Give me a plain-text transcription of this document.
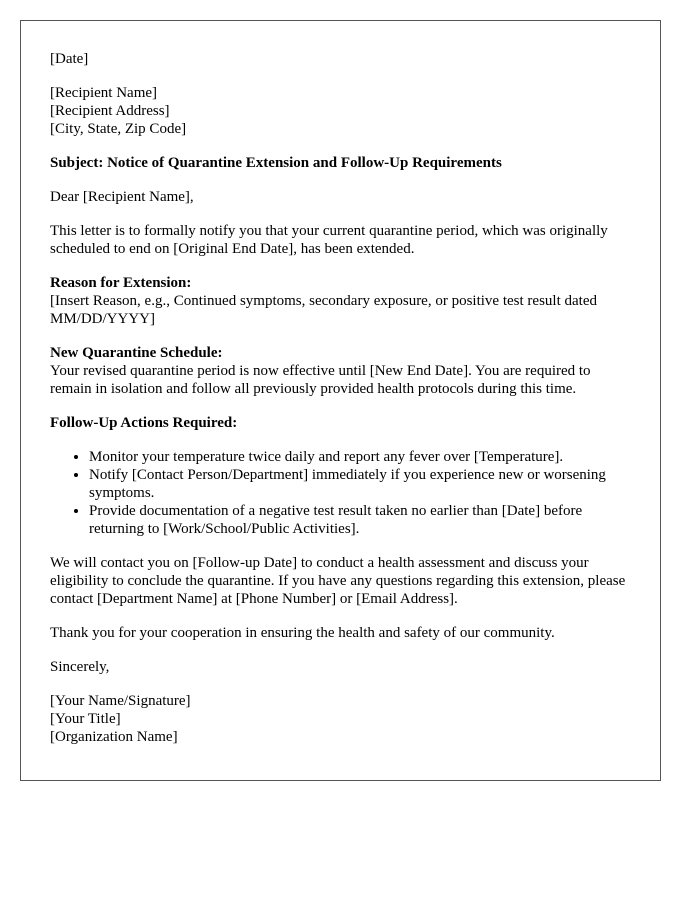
[Date]

[Recipient Name]
[Recipient Address]
[City, State, Zip Code]

Subject: Notice of Quarantine Extension and Follow-Up Requirements

Dear [Recipient Name],

This letter is to formally notify you that your current quarantine period, which was originally scheduled to end on [Original End Date], has been extended.

Reason for Extension:
[Insert Reason, e.g., Continued symptoms, secondary exposure, or positive test result dated MM/DD/YYYY]
New Quarantine Schedule:
Your revised quarantine period is now effective until [New End Date]. You are required to remain in isolation and follow all previously provided health protocols during this time.

Follow-Up Actions Required:

• Monitor your temperature twice daily and report any fever over [Temperature].
• Notify [Contact Person/Department] immediately if you experience new or worsening symptoms.
• Provide documentation of a negative test result taken no earlier than [Date] before returning to [Work/School/Public Activities].

We will contact you on [Follow-up Date] to conduct a health assessment and discuss your eligibility to conclude the quarantine. If you have any questions regarding this extension, please contact [Department Name] at [Phone Number] or [Email Address].

Thank you for your cooperation in ensuring the health and safety of our community.

Sincerely,

[Your Name/Signature]
[Your Title]
[Organization Name]
